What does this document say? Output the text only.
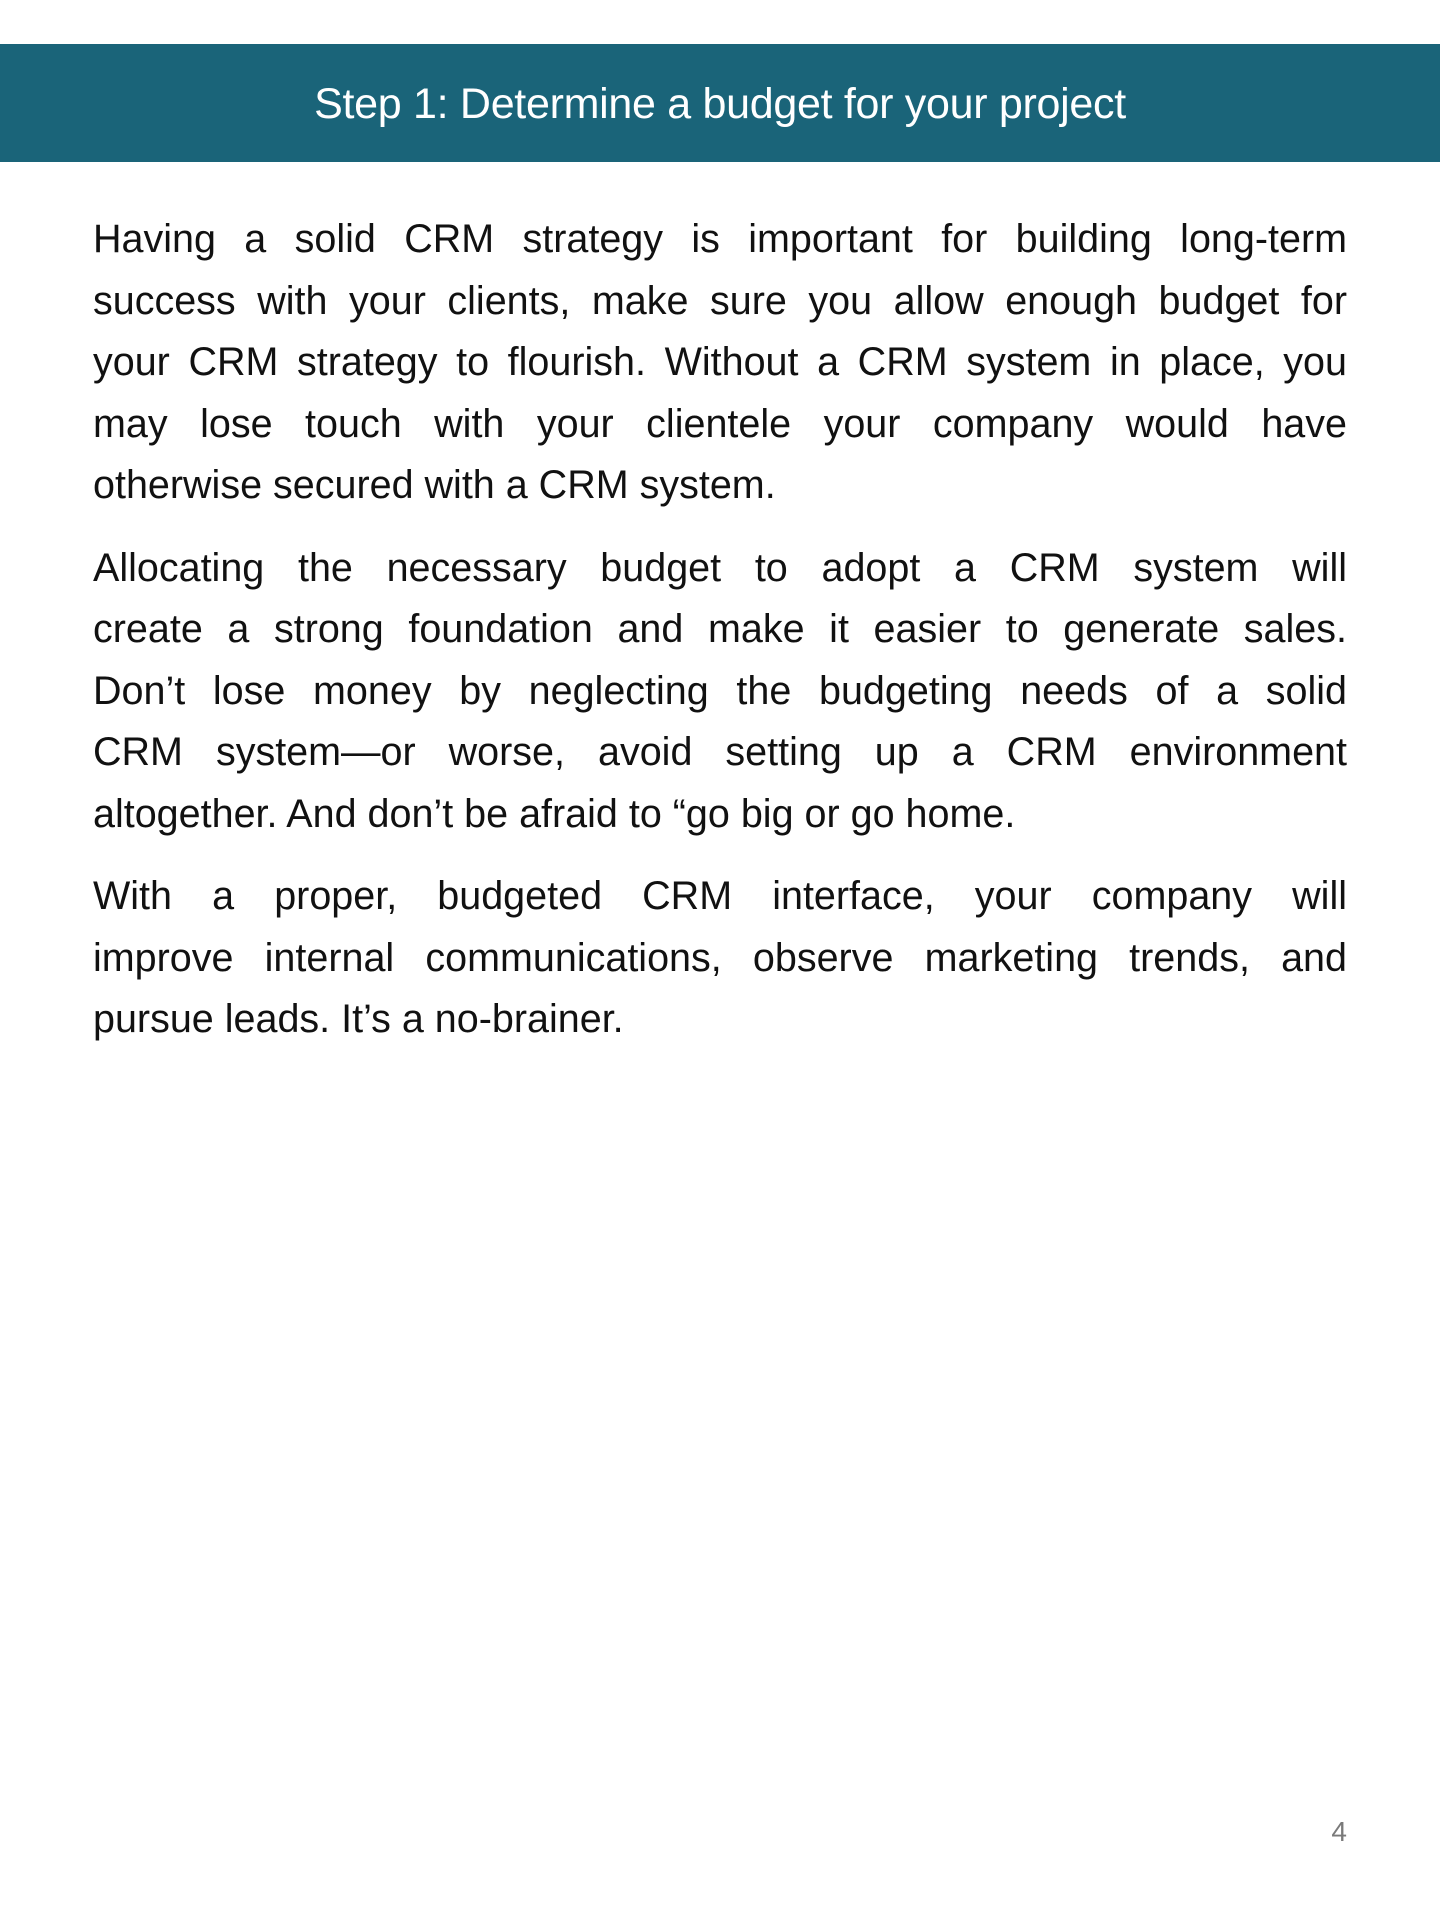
Step 1: Determine a budget for your project
Having a solid CRM strategy is important for building long-term
success with your clients, make sure you allow enough budget for
your CRM strategy to flourish. Without a CRM system in place, you
may lose touch with your clientele your company would have
otherwise secured with a CRM system.
Allocating the necessary budget to adopt a CRM system will
create a strong foundation and make it easier to generate sales.
Don’t lose money by neglecting the budgeting needs of a solid
CRM system—or worse, avoid setting up a CRM environment
altogether. And don’t be afraid to “go big or go home.
With a proper, budgeted CRM interface, your company will
improve internal communications, observe marketing trends, and
pursue leads. It’s a no-brainer.
4
